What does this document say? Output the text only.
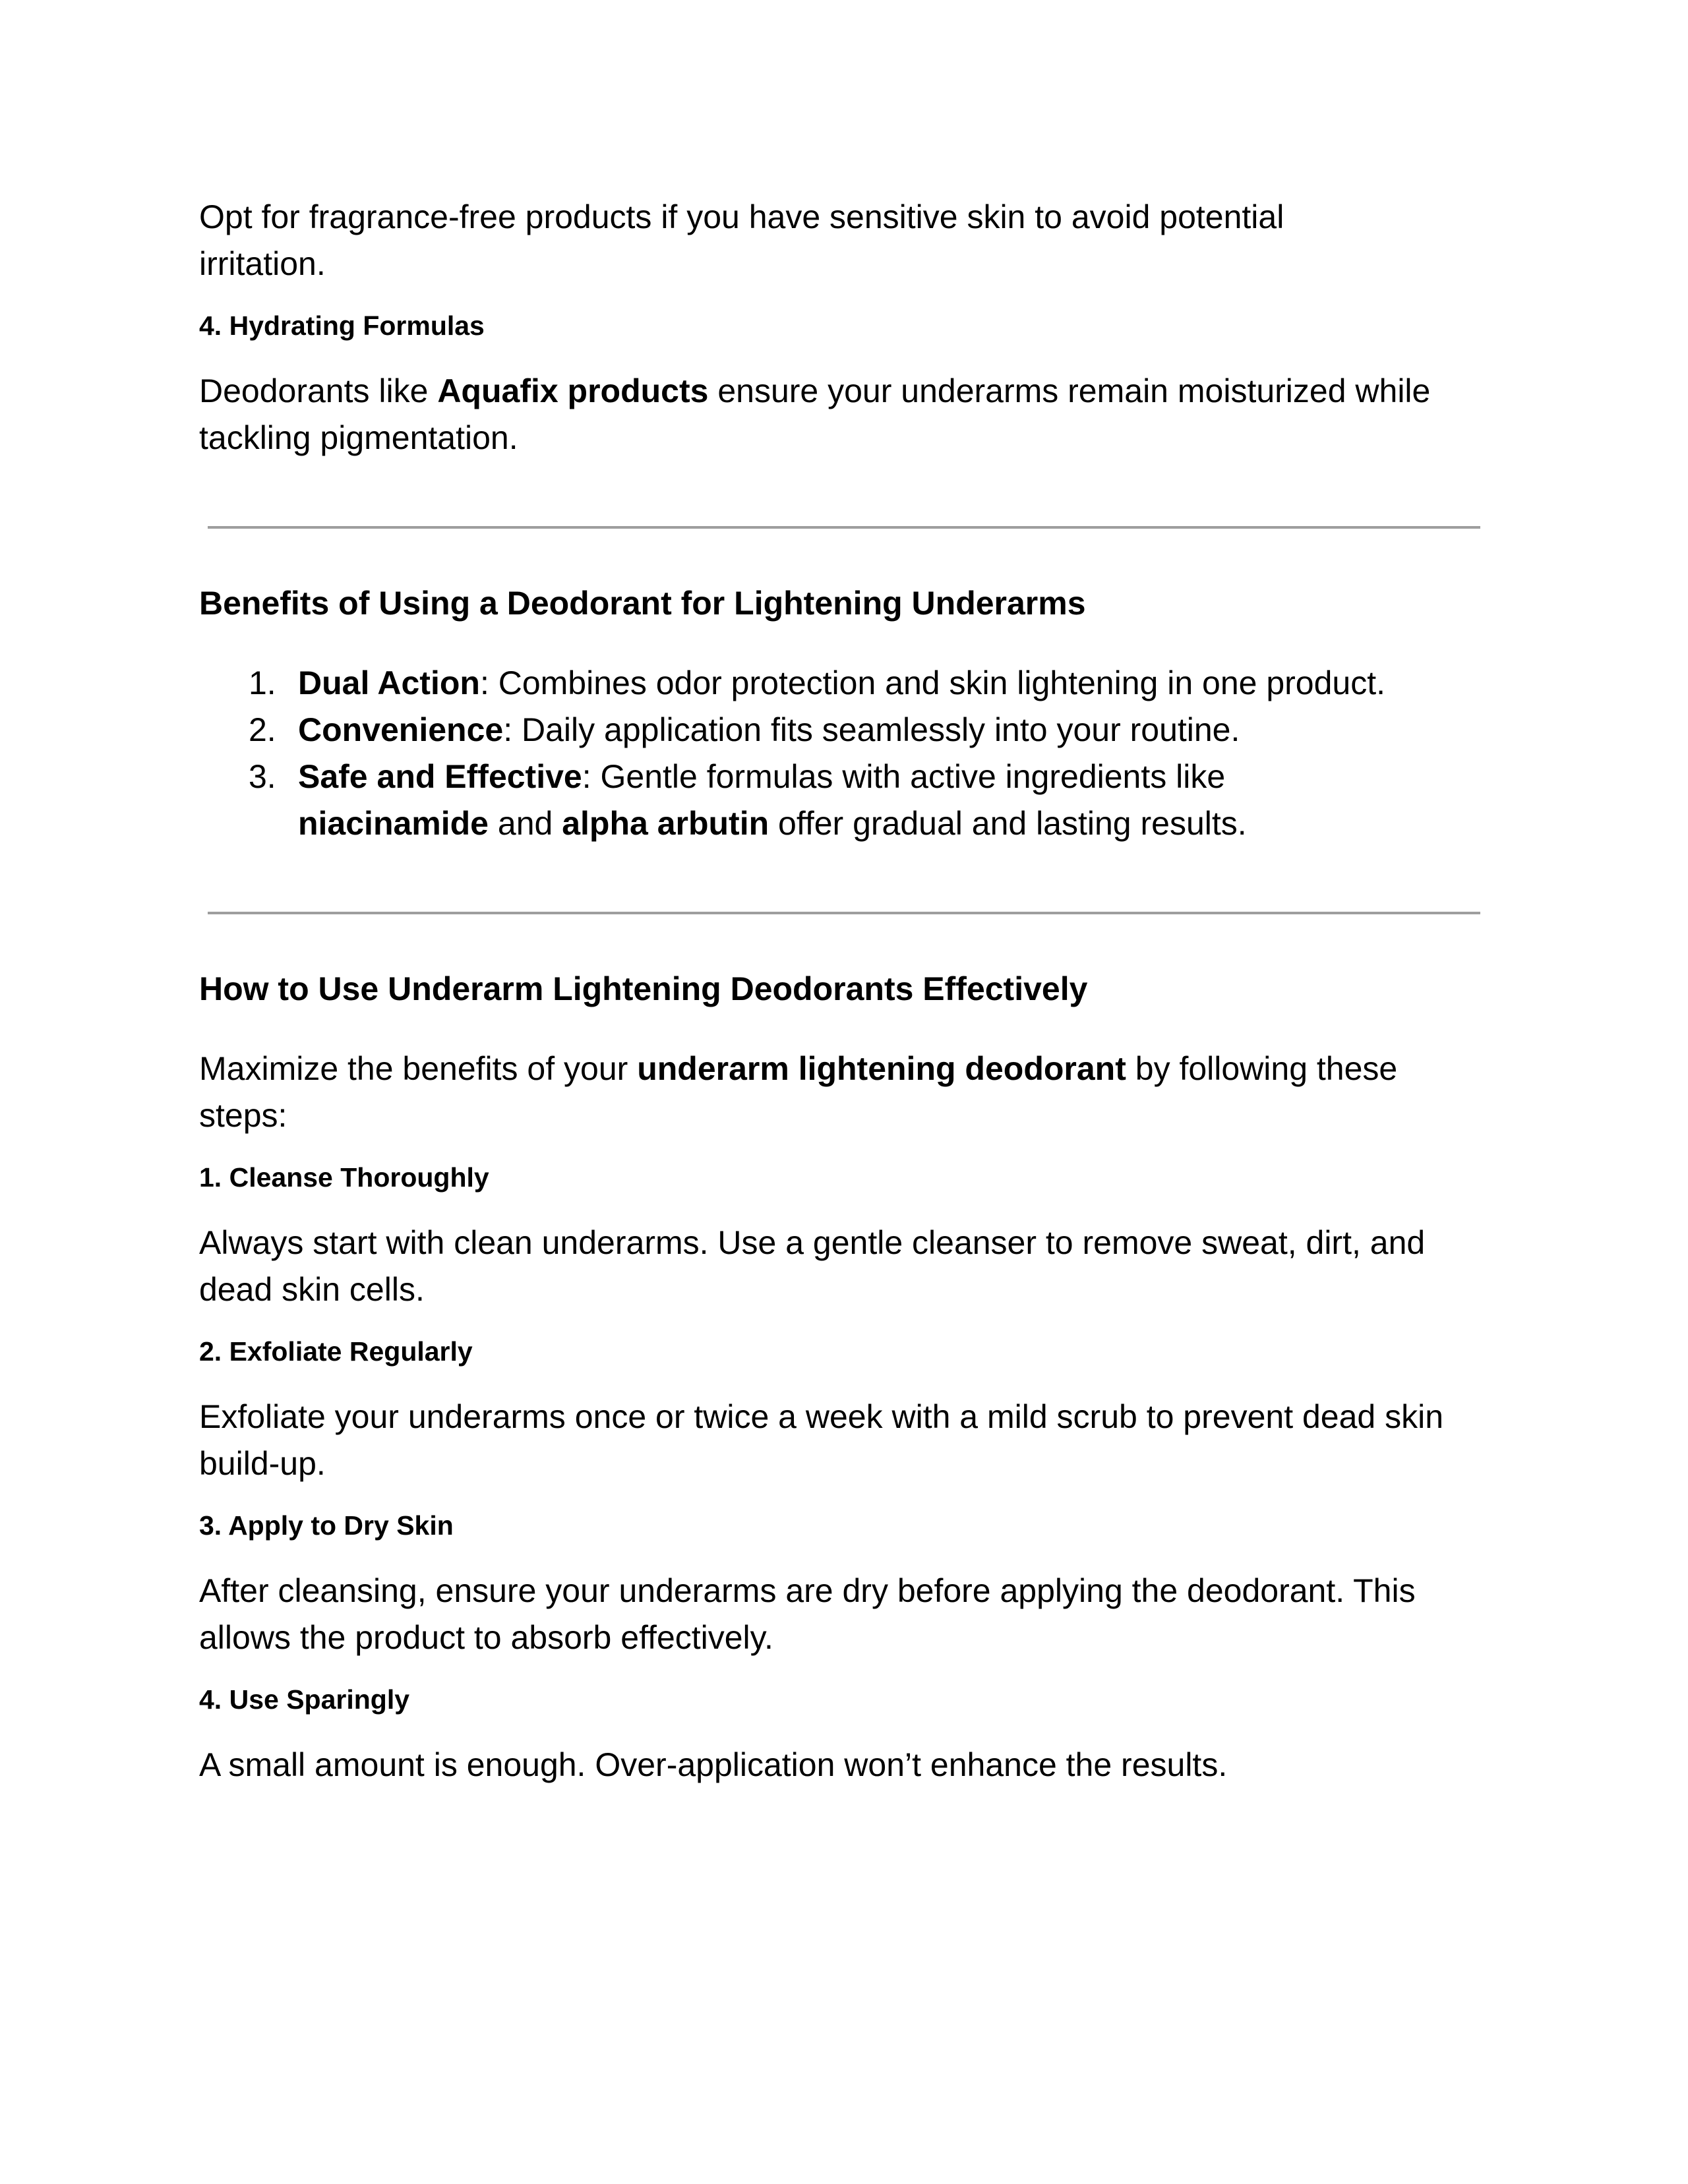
Opt for fragrance-free products if you have sensitive skin to avoid potential irritation.

4. Hydrating Formulas

Deodorants like Aquafix products ensure your underarms remain moisturized while tackling pigmentation.

Benefits of Using a Deodorant for Lightening Underarms
1. Dual Action: Combines odor protection and skin lightening in one product.
2. Convenience: Daily application fits seamlessly into your routine.
3. Safe and Effective: Gentle formulas with active ingredients like niacinamide and alpha arbutin offer gradual and lasting results.
How to Use Underarm Lightening Deodorants Effectively

Maximize the benefits of your underarm lightening deodorant by following these steps:

1. Cleanse Thoroughly

Always start with clean underarms. Use a gentle cleanser to remove sweat, dirt, and dead skin cells.

2. Exfoliate Regularly

Exfoliate your underarms once or twice a week with a mild scrub to prevent dead skin build-up.

3. Apply to Dry Skin

After cleansing, ensure your underarms are dry before applying the deodorant. This allows the product to absorb effectively.

4. Use Sparingly

A small amount is enough. Over-application won’t enhance the results.
